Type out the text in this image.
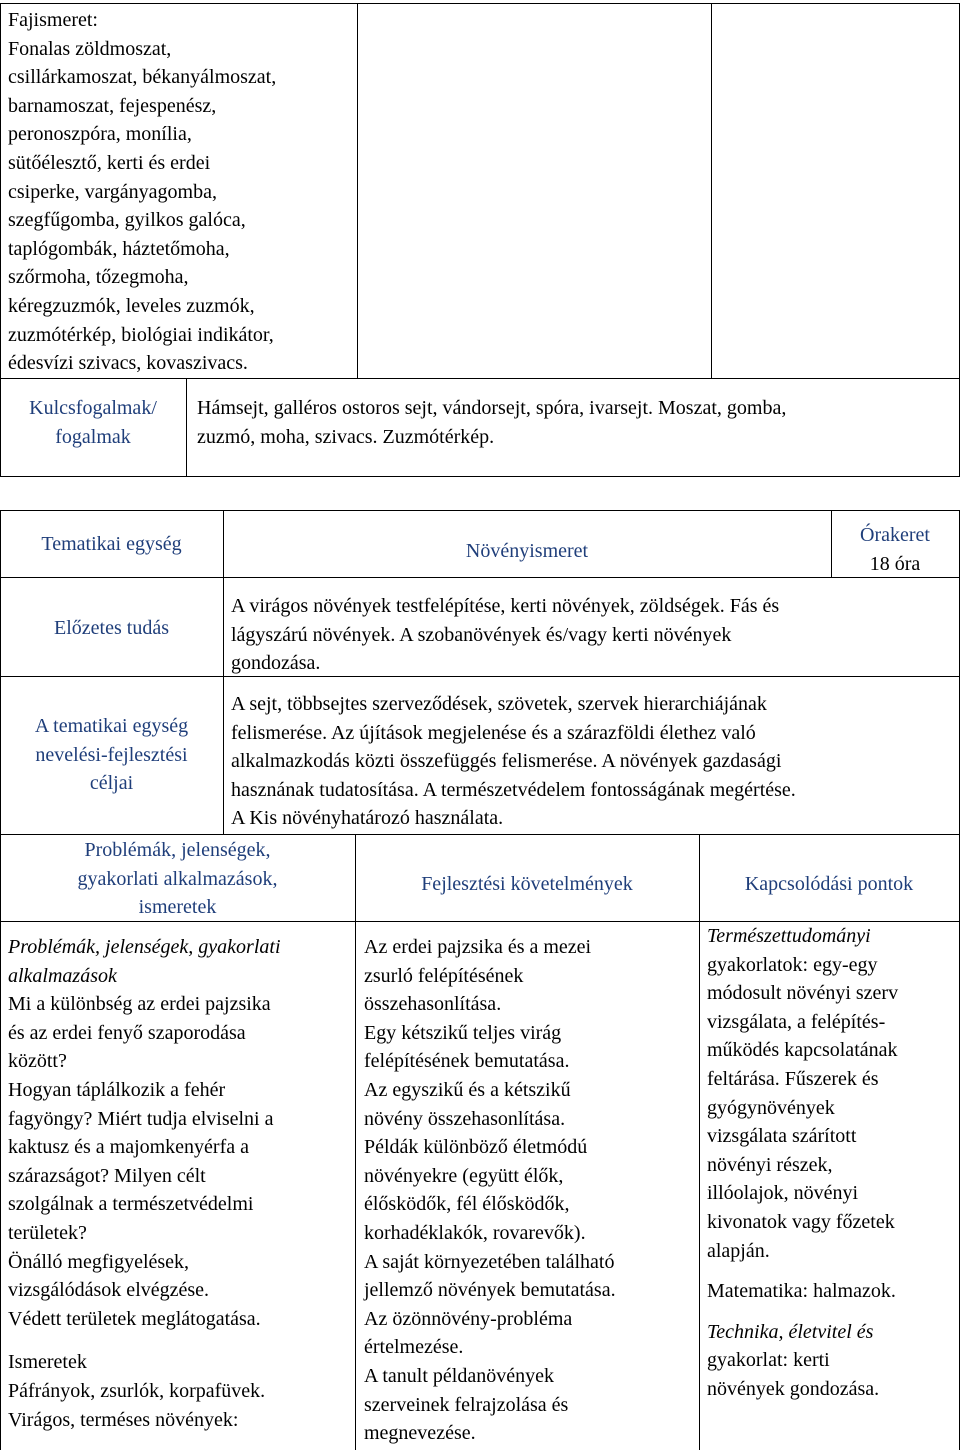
Fajismeret:
Fonalas zöldmoszat,
csillárkamoszat, békanyálmoszat,
barnamoszat, fejespenész,
peronoszpóra, monília,
sütőélesztő, kerti és erdei
csiperke, vargányagomba,
szegfűgomba, gyilkos galóca,
taplógombák, háztetőmoha,
szőrmoha, tőzegmoha,
kéregzuzmók, leveles zuzmók,
zuzmótérkép, biológiai indikátor,
édesvízi szivacs, kovaszivacs.
Kulcsfogalmak/
fogalmak
Hámsejt, galléros ostoros sejt, vándorsejt, spóra, ivarsejt. Moszat, gomba,
zuzmó, moha, szivacs. Zuzmótérkép.
Tematikai egység	Növényismeret
Órakeret
18 óra
Előzetes tudás
A virágos növények testfelépítése, kerti növények, zöldségek. Fás és
lágyszárú növények. A szobanövények és/vagy kerti növények
gondozása.
A tematikai egység
nevelési-fejlesztési
céljai
A sejt, többsejtes szerveződések, szövetek, szervek hierarchiájának
felismerése. Az újítások megjelenése és a szárazföldi élethez való
alkalmazkodás közti összefüggés felismerése. A növények gazdasági
hasznának tudatosítása. A természetvédelem fontosságának megértése.
A Kis növényhatározó használata.
Problémák, jelenségek,
gyakorlati alkalmazások,
ismeretek
Fejlesztési követelmények	Kapcsolódási pontok
Problémák, jelenségek, gyakorlati
alkalmazások
Mi a különbség az erdei pajzsika
és az erdei fenyő szaporodása
között?
Hogyan táplálkozik a fehér
fagyöngy? Miért tudja elviselni a
kaktusz és a majomkenyérfa a
szárazságot? Milyen célt
szolgálnak a természetvédelmi
területek?
Önálló megfigyelések,
vizsgálódások elvégzése.
Védett területek meglátogatása.
Ismeretek
Páfrányok, zsurlók, korpafüvek.
Virágos, terméses növények:
Az erdei pajzsika és a mezei
zsurló felépítésének
összehasonlítása.
Egy kétszikű teljes virág
felépítésének bemutatása.
Az egyszikű és a kétszikű
növény összehasonlítása.
Példák különböző életmódú
növényekre (együtt élők,
élősködők, fél élősködők,
korhadéklakók, rovarevők).
A saját környezetében található
jellemző növények bemutatása.
Az özönnövény-probléma
értelmezése.
A tanult példanövények
szerveinek felrajzolása és
megnevezése.
Természettudományi
gyakorlatok: egy-egy
módosult növényi szerv
vizsgálata, a felépítés-
működés kapcsolatának
feltárása. Fűszerek és
gyógynövények
vizsgálata szárított
növényi részek,
illóolajok, növényi
kivonatok vagy főzetek
alapján.
Matematika: halmazok.
Technika, életvitel és
gyakorlat: kerti
növények gondozása.
